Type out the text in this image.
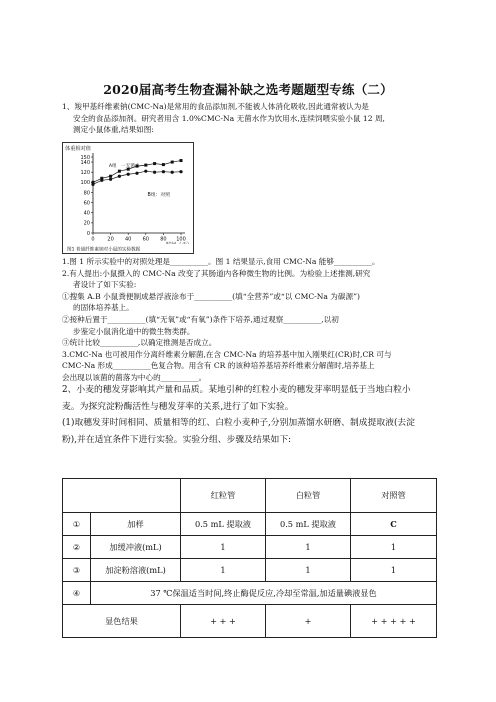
2020届高考生物查漏补缺之选考题题型专练（二）
1、羧甲基纤维素钠(CMC-Na)是常用的食品添加剂,不能被人体消化吸收,因此通常被认为是
安全的食品添加剂。研究者用含 1.0%CMC-Na 无菌水作为饮用水,连续饲喂实验小鼠 12 周,
测定小鼠体重,结果如图:
体重相对值
0
20
40
60
80
100
120
140
150
0	20 40 60 80 100
A组 一无菌水
B组：对照
图1 普通纤维素钠对小鼠的实验数据
1.图 1 所示实验中的对照处理是__________。图 1 结果显示,食用 CMC-Na 能够__________。
2.有人提出:小鼠摄入的 CMC-Na 改变了其肠道内各种微生物的比例。为检验上述推测,研究
者设计了如下实验:
①搜集 A.B 小鼠粪便制成悬浮液涂布于__________(填“全营养”或“以 CMC-Na 为碳源”)
的固体培养基上。
②接种后置于__________(填“无氧”或“有氧”)条件下培养,通过观察__________,以初
步鉴定小鼠消化道中的微生物类群。
③统计比较__________,以确定推测是否成立。
3.CMC-Na 也可被用作分离纤维素分解菌,在含 CMC-Na 的培养基中加入刚果红(CR)时,CR 可与
CMC-Na 形成__________色复合物。用含有 CR 的该种培养基培养纤维素分解菌时,培养基上
会出现以该菌的菌落为中心的__________。
2、小麦的穗发芽影响其产量和品质。某地引种的红粒小麦的穗发芽率明显低于当地白粒小
麦。为探究淀粉酶活性与穗发芽率的关系,进行了如下实验。
(1)取穗发芽时间相同、质量相等的红、白粒小麦种子,分别加蒸馏水研磨、制成提取液(去淀
粉),并在适宜条件下进行实验。实验分组、步骤及结果如下:
		红粒管	白粒管	对照管
①	加样	0.5 mL 提取液	0.5 mL 提取液	C
②	加缓冲液(mL)	1	1	1
③	加淀粉溶液(mL)	1	1	1
④	37 ℃保温适当时间,终止酶促反应,冷却至常温,加适量碘液显色			
显色结果		+ + +	+	+ + + + +
